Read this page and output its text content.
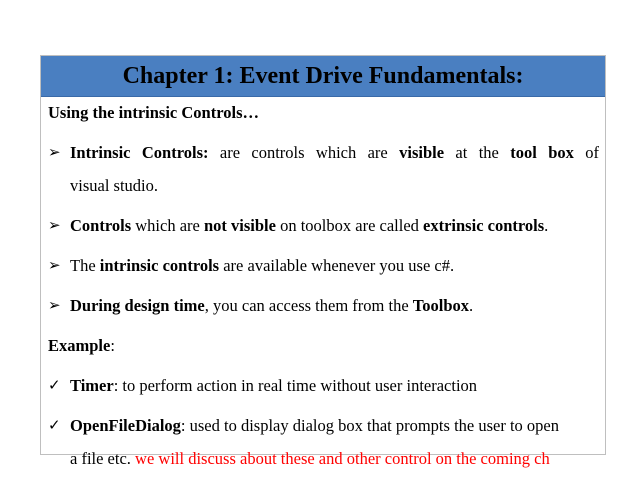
Chapter 1: Event Drive Fundamentals:
Using the intrinsic Controls…
➢ Intrinsic Controls: are controls which are visible at the tool box of
visual studio.
➢ Controls which are not visible on toolbox are called extrinsic controls.
➢ The intrinsic controls are available whenever you use c#.
➢ During design time, you can access them from the Toolbox.
Example:
✓ Timer: to perform action in real time without user interaction
✓ OpenFileDialog: used to display dialog box that prompts the user to open
a file etc. we will discuss about these and other control on the coming ch
